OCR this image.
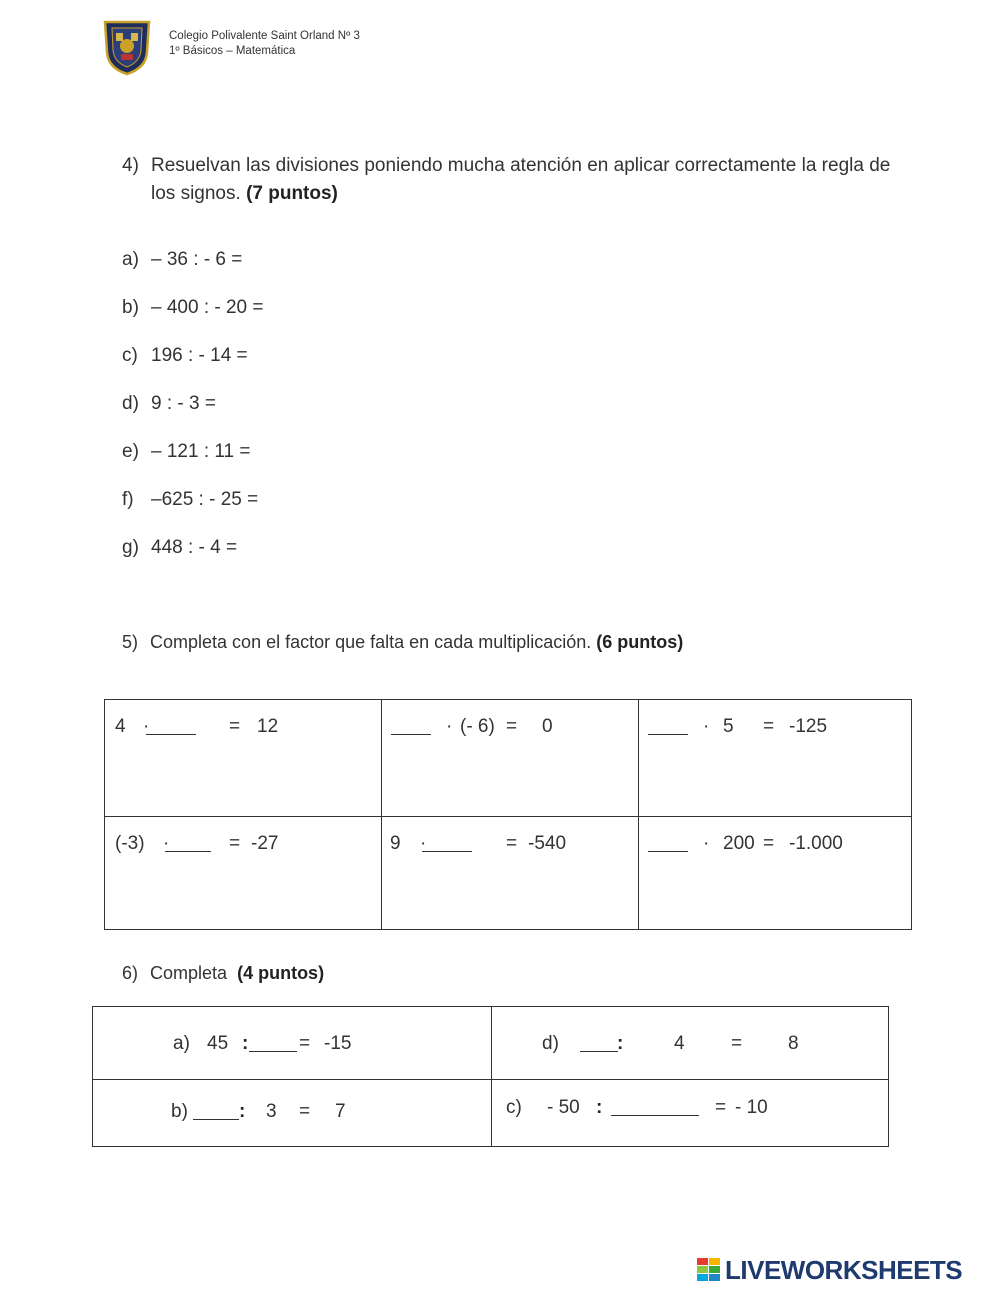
Colegio Polivalente Saint Orland Nº 3
1º Básicos – Matemática
4) Resuelvan las divisiones poniendo mucha atención en aplicar correctamente la regla de los signos. (7 puntos)
a) – 36 : - 6 =
b) – 400 : - 20 =
c) 196 : - 14 =
d) 9 : - 3 =
e) – 121 : 11 =
f) –625 : - 25 =
g) 448 : - 4 =
5) Completa con el factor que falta en cada multiplicación. (6 puntos)
4 · = 12	· (- 6) = 0	· 5 = -125

(-3) · = -27	9 · = -540	· 200 = -1.000
6) Completa (4 puntos)
a) 45 : = -15	d) : 4 = 8

b) : 3 = 7	c) - 50 : = - 10
LIVEWORKSHEETS
